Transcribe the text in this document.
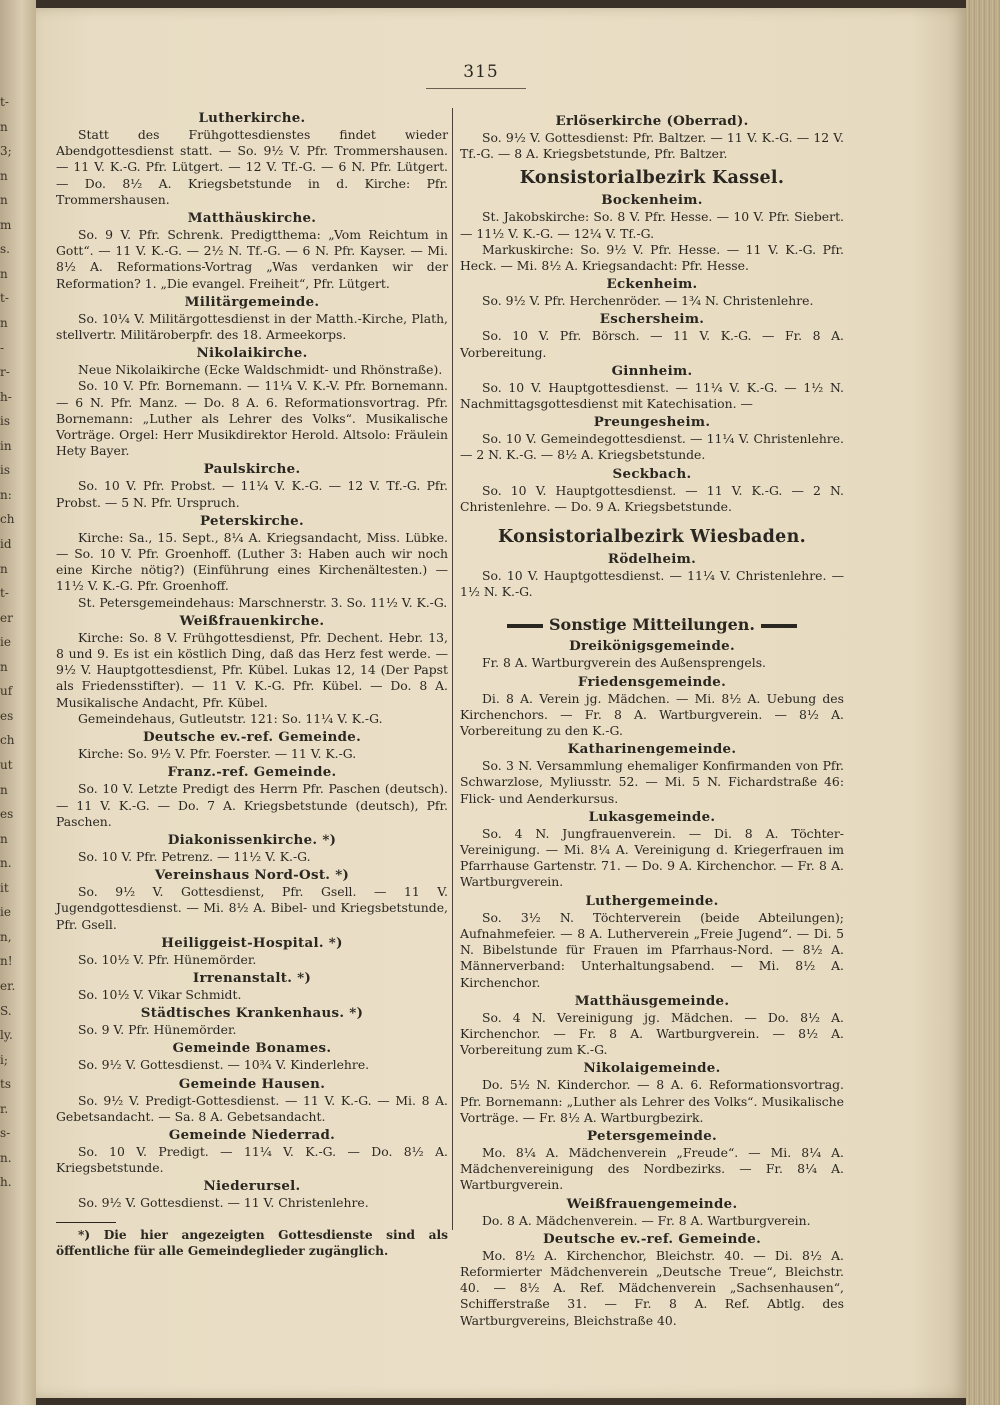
t-
n
3;
n
n
m
s.
n
t-
n
-
r-
h-
is
in
is
n:
ch
id
n
t-
er
ie
n
uf
es
ch
ut
n
es
n
n.
it
ie
n,
n!
er.
S.
ly.
i;
ts
r.
s-
n.
h.
315
Lutherkirche.

Statt des Frühgottesdienstes findet wieder Abendgottesdienst statt. — So. 9½ V. Pfr. Trommershausen. — 11 V. K.-G. Pfr. Lütgert. — 12 V. Tf.-G. — 6 N. Pfr. Lütgert. — Do. 8½ A. Kriegsbetstunde in d. Kirche: Pfr. Trommershausen.

Matthäuskirche.

So. 9 V. Pfr. Schrenk. Predigtthema: „Vom Reichtum in Gott“. — 11 V. K.-G. — 2½ N. Tf.-G. — 6 N. Pfr. Kayser. — Mi. 8½ A. Reformations-Vortrag „Was verdanken wir der Reformation? 1. „Die evangel. Freiheit“, Pfr. Lütgert.

Militärgemeinde.

So. 10¼ V. Militärgottesdienst in der Matth.-Kirche, Plath, stellvertr. Militäroberpfr. des 18. Armeekorps.

Nikolaikirche.

Neue Nikolaikirche (Ecke Waldschmidt- und Rhönstraße).

So. 10 V. Pfr. Bornemann. — 11¼ V. K.-V. Pfr. Bornemann. — 6 N. Pfr. Manz. — Do. 8 A. 6. Reformationsvortrag. Pfr. Bornemann: „Luther als Lehrer des Volks“. Musikalische Vorträge. Orgel: Herr Musikdirektor Herold. Altsolo: Fräulein Hety Bayer.

Paulskirche.

So. 10 V. Pfr. Probst. — 11¼ V. K.-G. — 12 V. Tf.-G. Pfr. Probst. — 5 N. Pfr. Urspruch.

Peterskirche.

Kirche: Sa., 15. Sept., 8¼ A. Kriegsandacht, Miss. Lübke. — So. 10 V. Pfr. Groenhoff. (Luther 3: Haben auch wir noch eine Kirche nötig?) (Einführung eines Kirchenältesten.) — 11½ V. K.-G. Pfr. Groenhoff.

St. Petersgemeindehaus: Marschnerstr. 3. So. 11½ V. K.-G.

Weißfrauenkirche.

Kirche: So. 8 V. Frühgottesdienst, Pfr. Dechent. Hebr. 13, 8 und 9. Es ist ein köstlich Ding, daß das Herz fest werde. — 9½ V. Hauptgottesdienst, Pfr. Kübel. Lukas 12, 14 (Der Papst als Friedensstifter). — 11 V. K.-G. Pfr. Kübel. — Do. 8 A. Musikalische Andacht, Pfr. Kübel.

Gemeindehaus, Gutleutstr. 121: So. 11¼ V. K.-G.

Deutsche ev.-ref. Gemeinde.

Kirche: So. 9½ V. Pfr. Foerster. — 11 V. K.-G.

Franz.-ref. Gemeinde.

So. 10 V. Letzte Predigt des Herrn Pfr. Paschen (deutsch). — 11 V. K.-G. — Do. 7 A. Kriegsbetstunde (deutsch), Pfr. Paschen.

Diakonissenkirche. *)

So. 10 V. Pfr. Petrenz. — 11½ V. K.-G.

Vereinshaus Nord-Ost. *)

So. 9½ V. Gottesdienst, Pfr. Gsell. — 11 V. Jugendgottesdienst. — Mi. 8½ A. Bibel- und Kriegsbetstunde, Pfr. Gsell.

Heiliggeist-Hospital. *)

So. 10½ V. Pfr. Hünemörder.

Irrenanstalt. *)

So. 10½ V. Vikar Schmidt.

Städtisches Krankenhaus. *)

So. 9 V. Pfr. Hünemörder.

Gemeinde Bonames.

So. 9½ V. Gottesdienst. — 10¾ V. Kinderlehre.

Gemeinde Hausen.

So. 9½ V. Predigt-Gottesdienst. — 11 V. K.-G. — Mi. 8 A. Gebetsandacht. — Sa. 8 A. Gebetsandacht.

Gemeinde Niederrad.

So. 10 V. Predigt. — 11¼ V. K.-G. — Do. 8½ A. Kriegsbetstunde.

Niederursel.

So. 9½ V. Gottesdienst. — 11 V. Christenlehre.

*) Die hier angezeigten Gottesdienste sind als öffentliche für alle Gemeindeglieder zugänglich.

Erlöserkirche (Oberrad).

So. 9½ V. Gottesdienst: Pfr. Baltzer. — 11 V. K.-G. — 12 V. Tf.-G. — 8 A. Kriegsbetstunde, Pfr. Baltzer.

Konsistorialbezirk Kassel.
Bockenheim.

St. Jakobskirche: So. 8 V. Pfr. Hesse. — 10 V. Pfr. Siebert. — 11½ V. K.-G. — 12¼ V. Tf.-G.

Markuskirche: So. 9½ V. Pfr. Hesse. — 11 V. K.-G. Pfr. Heck. — Mi. 8½ A. Kriegsandacht: Pfr. Hesse.

Eckenheim.

So. 9½ V. Pfr. Herchenröder. — 1¾ N. Christenlehre.

Eschersheim.

So. 10 V. Pfr. Börsch. — 11 V. K.-G. — Fr. 8 A. Vorbereitung.

Ginnheim.

So. 10 V. Hauptgottesdienst. — 11¼ V. K.-G. — 1½ N. Nachmittagsgottesdienst mit Katechisation. —

Preungesheim.

So. 10 V. Gemeindegottesdienst. — 11¼ V. Christenlehre. — 2 N. K.-G. — 8½ A. Kriegsbetstunde.

Seckbach.

So. 10 V. Hauptgottesdienst. — 11 V. K.-G. — 2 N. Christenlehre. — Do. 9 A. Kriegsbetstunde.

Konsistorialbezirk Wiesbaden.
Rödelheim.

So. 10 V. Hauptgottesdienst. — 11¼ V. Christenlehre. — 1½ N. K.-G.

Sonstige Mitteilungen.
Dreikönigsgemeinde.

Fr. 8 A. Wartburgverein des Außensprengels.

Friedensgemeinde.

Di. 8 A. Verein jg. Mädchen. — Mi. 8½ A. Uebung des Kirchenchors. — Fr. 8 A. Wartburgverein. — 8½ A. Vorbereitung zu den K.-G.

Katharinengemeinde.

So. 3 N. Versammlung ehemaliger Konfirmanden von Pfr. Schwarzlose, Myliusstr. 52. — Mi. 5 N. Fichardstraße 46: Flick- und Aenderkursus.

Lukasgemeinde.

So. 4 N. Jungfrauenverein. — Di. 8 A. Töchter-Vereinigung. — Mi. 8¼ A. Vereinigung d. Kriegerfrauen im Pfarrhause Gartenstr. 71. — Do. 9 A. Kirchenchor. — Fr. 8 A. Wartburgverein.

Luthergemeinde.

So. 3½ N. Töchterverein (beide Abteilungen); Aufnahmefeier. — 8 A. Lutherverein „Freie Jugend“. — Di. 5 N. Bibelstunde für Frauen im Pfarrhaus-Nord. — 8½ A. Männerverband: Unterhaltungsabend. — Mi. 8½ A. Kirchenchor.

Matthäusgemeinde.

So. 4 N. Vereinigung jg. Mädchen. — Do. 8½ A. Kirchenchor. — Fr. 8 A. Wartburgverein. — 8½ A. Vorbereitung zum K.-G.

Nikolaigemeinde.

Do. 5½ N. Kinderchor. — 8 A. 6. Reformationsvortrag. Pfr. Bornemann: „Luther als Lehrer des Volks“. Musikalische Vorträge. — Fr. 8½ A. Wartburgbezirk.

Petersgemeinde.

Mo. 8¼ A. Mädchenverein „Freude“. — Mi. 8¼ A. Mädchenvereinigung des Nordbezirks. — Fr. 8¼ A. Wartburgverein.

Weißfrauengemeinde.

Do. 8 A. Mädchenverein. — Fr. 8 A. Wartburgverein.

Deutsche ev.-ref. Gemeinde.

Mo. 8½ A. Kirchenchor, Bleichstr. 40. — Di. 8½ A. Reformierter Mädchenverein „Deutsche Treue“, Bleichstr. 40. — 8½ A. Ref. Mädchenverein „Sachsenhausen“, Schifferstraße 31. — Fr. 8 A. Ref. Abtlg. des Wartburgvereins, Bleichstraße 40.
